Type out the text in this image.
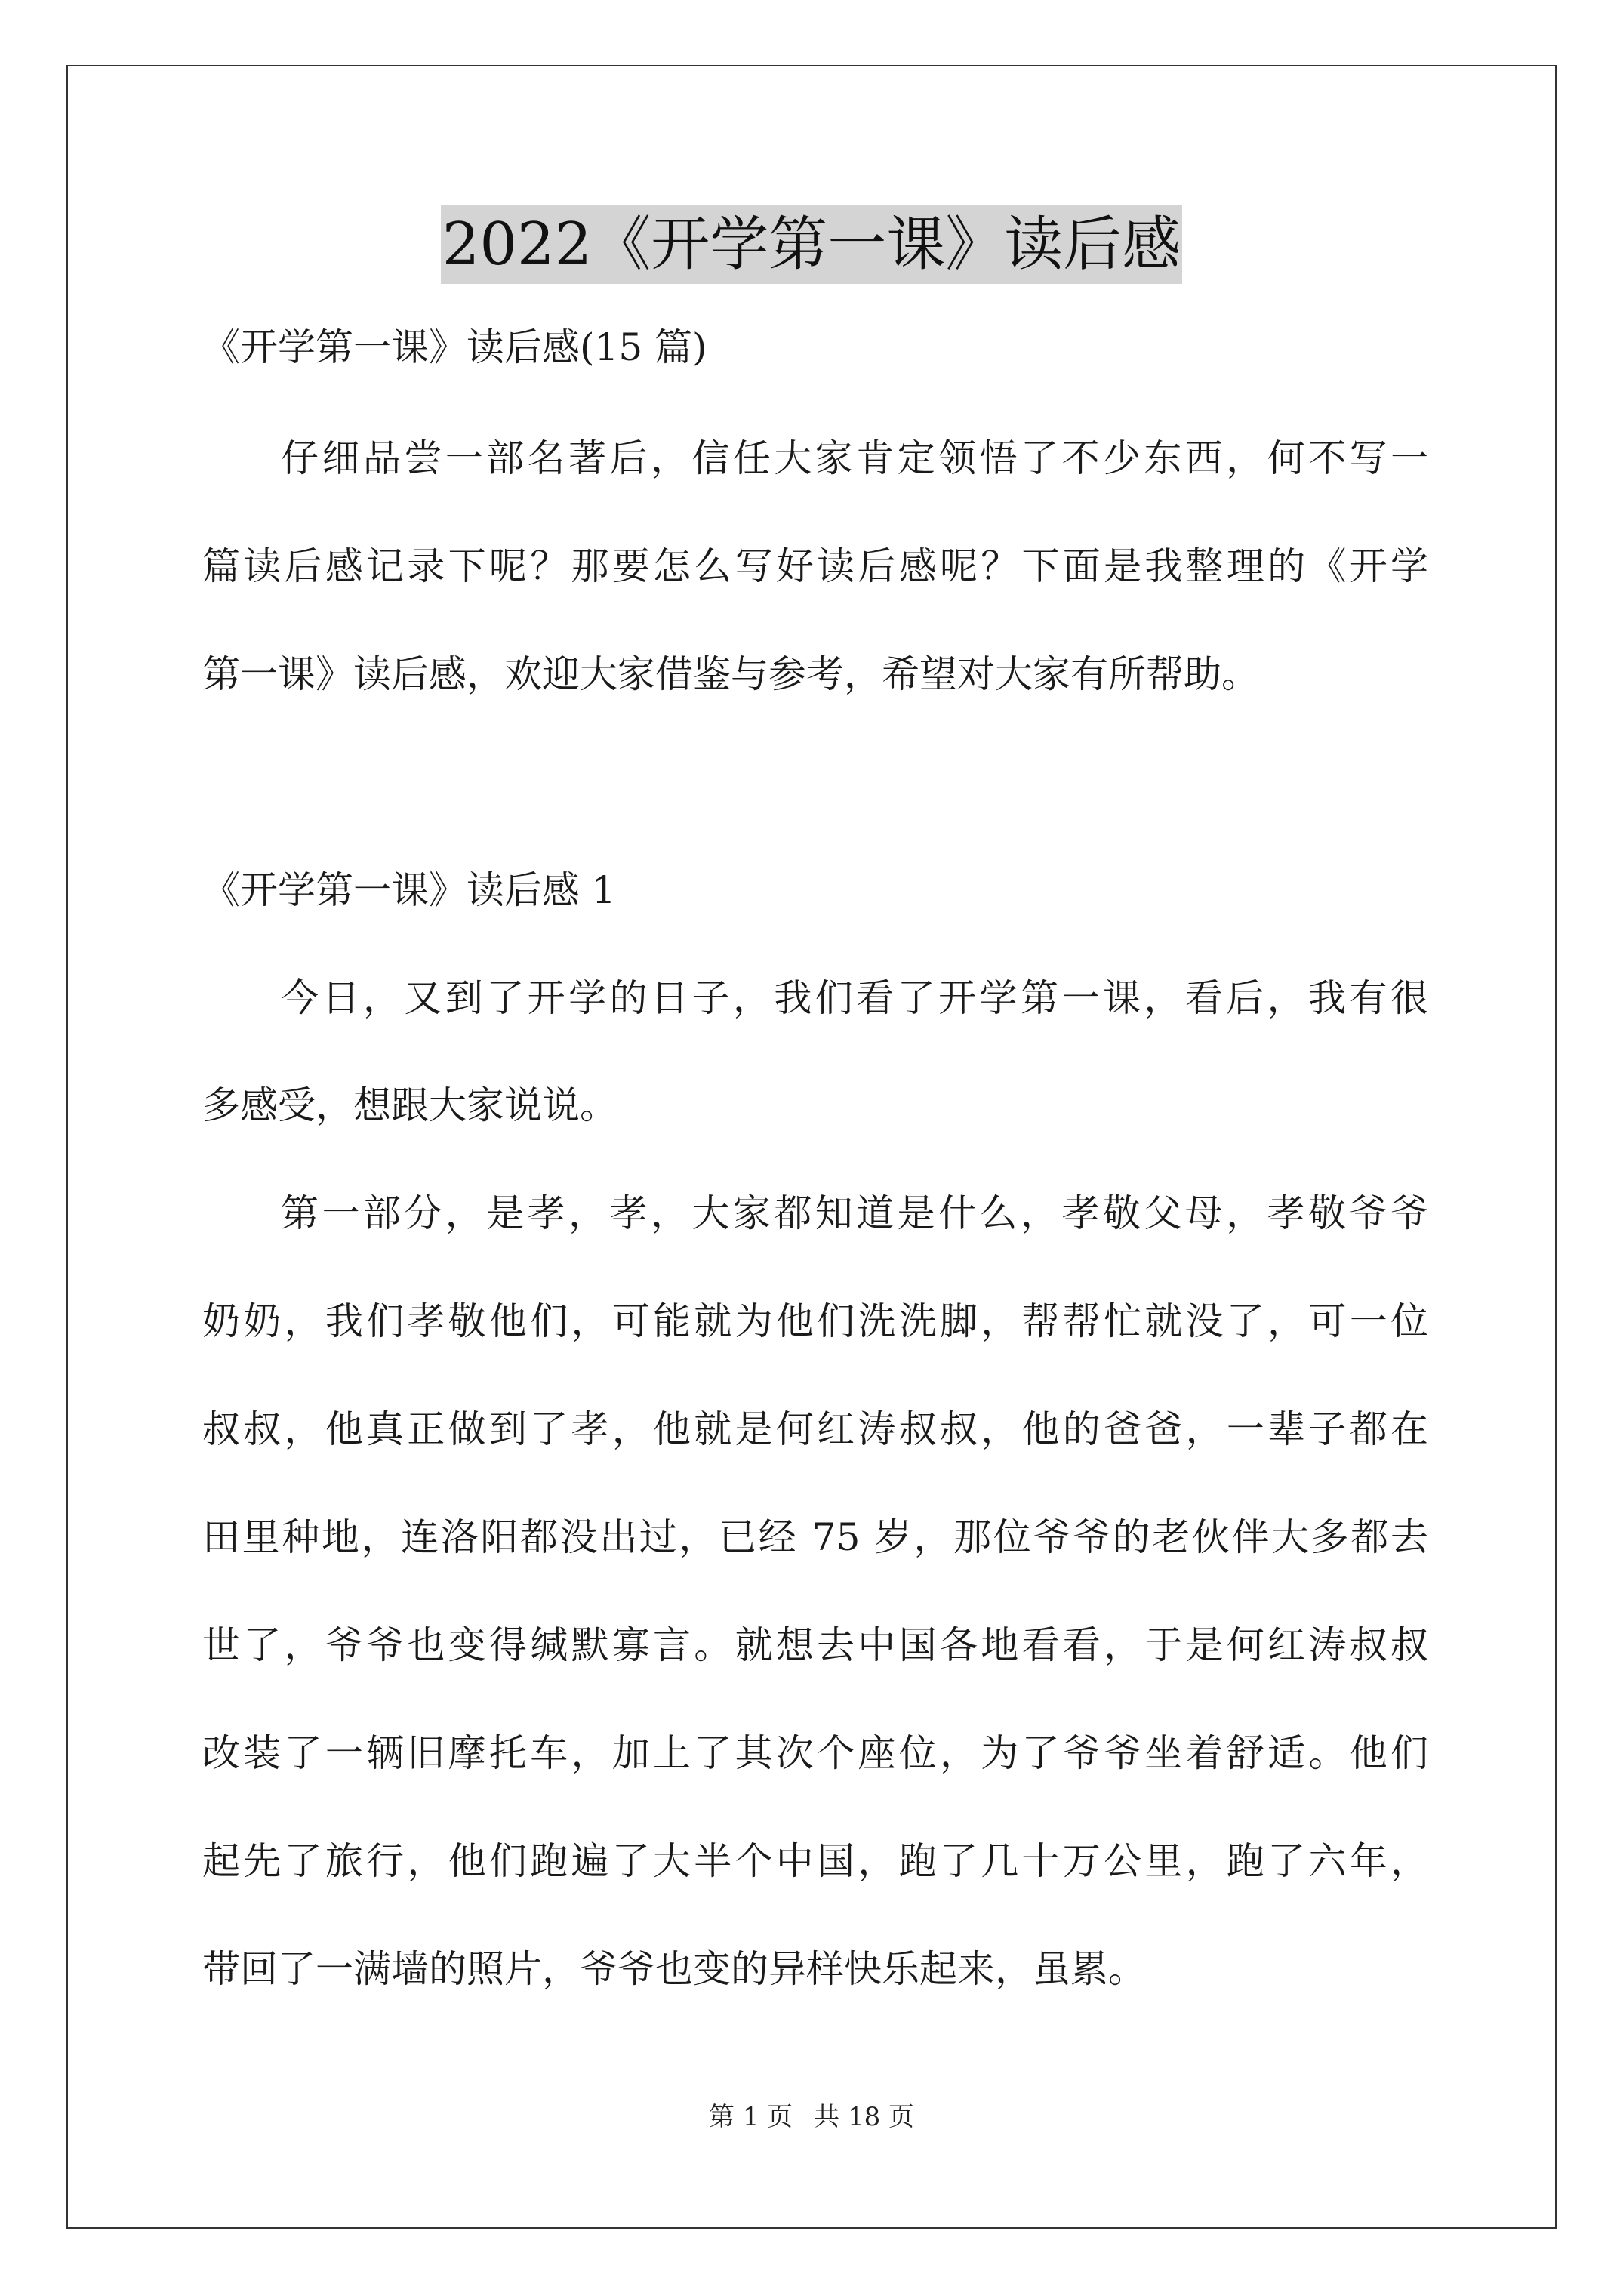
2022《开学第一课》读后感
《开学第一课》读后感(15 篇)
仔细品尝一部名著后，信任大家肯定领悟了不少东西，何不写一
篇读后感记录下呢？那要怎么写好读后感呢？下面是我整理的《开学
第一课》读后感，欢迎大家借鉴与参考，希望对大家有所帮助。
《开学第一课》读后感 1
今日，又到了开学的日子，我们看了开学第一课，看后，我有很
多感受，想跟大家说说。
第一部分，是孝，孝，大家都知道是什么，孝敬父母，孝敬爷爷
奶奶，我们孝敬他们，可能就为他们洗洗脚，帮帮忙就没了，可一位
叔叔，他真正做到了孝，他就是何红涛叔叔，他的爸爸，一辈子都在
田里种地，连洛阳都没出过，已经 75 岁，那位爷爷的老伙伴大多都去
世了，爷爷也变得缄默寡言。就想去中国各地看看，于是何红涛叔叔
改装了一辆旧摩托车，加上了其次个座位，为了爷爷坐着舒适。他们
起先了旅行，他们跑遍了大半个中国，跑了几十万公里，跑了六年，
带回了一满墙的照片，爷爷也变的异样快乐起来，虽累。
第 1 页 共 18 页
